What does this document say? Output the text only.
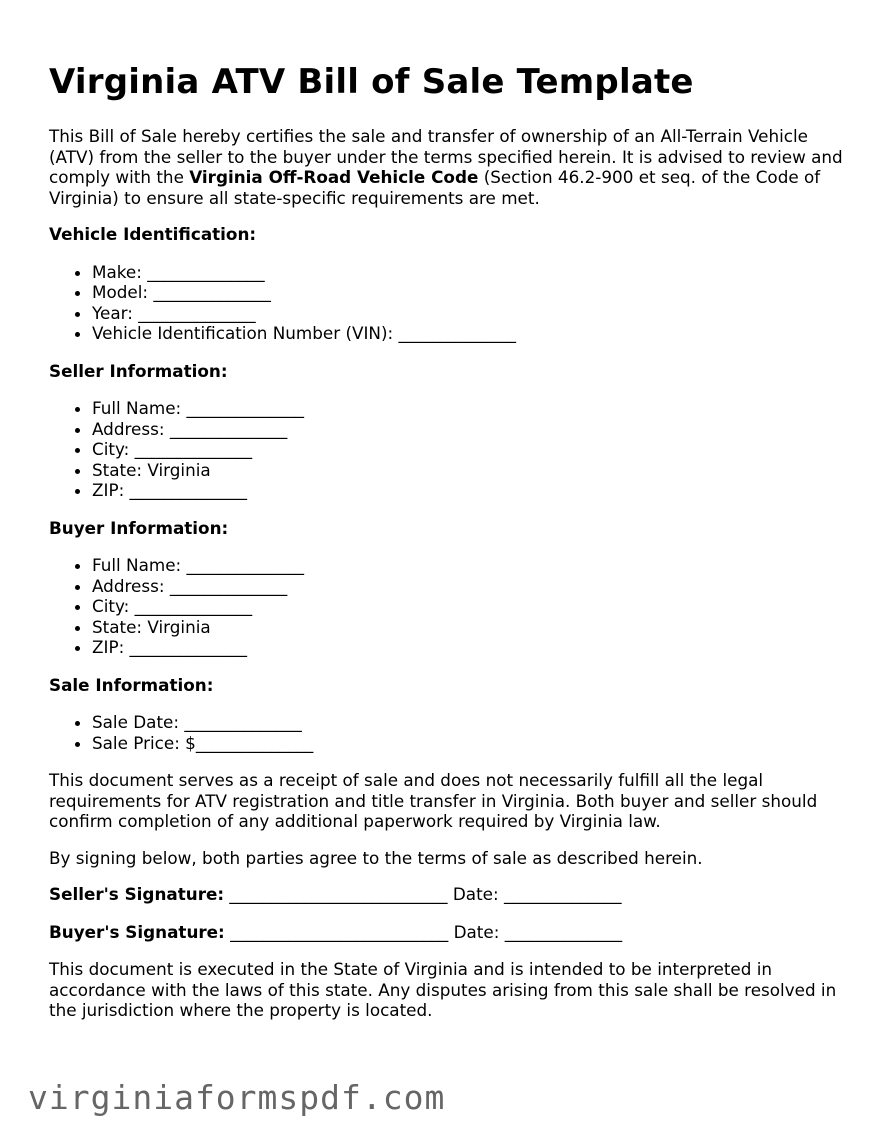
Virginia ATV Bill of Sale Template

This Bill of Sale hereby certifies the sale and transfer of ownership of an All-Terrain Vehicle (ATV) from the seller to the buyer under the terms specified herein. It is advised to review and comply with the Virginia Off-Road Vehicle Code (Section 46.2-900 et seq. of the Code of Virginia) to ensure all state-specific requirements are met.

Vehicle Identification:
• Make: ______________
• Model: ______________
• Year: ______________
• Vehicle Identification Number (VIN): ______________
Seller Information:
• Full Name: ______________
• Address: ______________
• City: ______________
• State: Virginia
• ZIP: ______________
Buyer Information:
• Full Name: ______________
• Address: ______________
• City: ______________
• State: Virginia
• ZIP: ______________
Sale Information:
• Sale Date: ______________
• Sale Price: $______________

This document serves as a receipt of sale and does not necessarily fulfill all the legal requirements for ATV registration and title transfer in Virginia. Both buyer and seller should confirm completion of any additional paperwork required by Virginia law.

By signing below, both parties agree to the terms of sale as described herein.

Seller's Signature: __________________________ Date: ______________
Buyer's Signature: __________________________ Date: ______________

This document is executed in the State of Virginia and is intended to be interpreted in accordance with the laws of this state. Any disputes arising from this sale shall be resolved in the jurisdiction where the property is located.

virginiaformspdf.com
